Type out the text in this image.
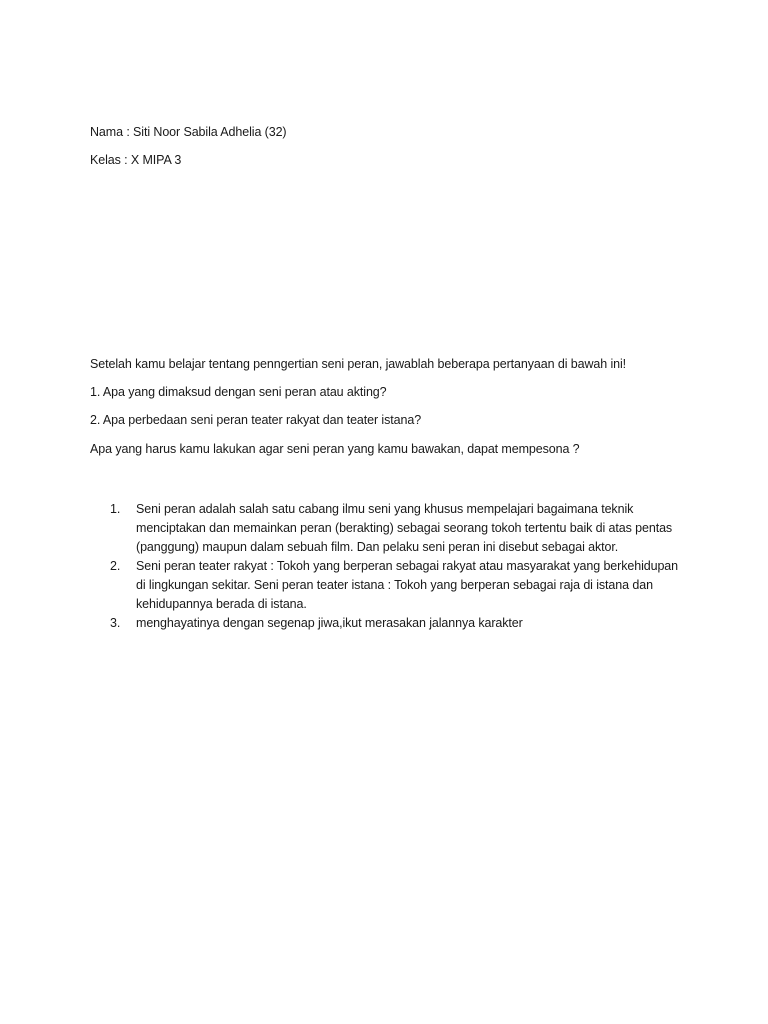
Nama : Siti Noor Sabila Adhelia (32)
Kelas : X MIPA 3
Setelah kamu belajar tentang penngertian seni peran, jawablah beberapa pertanyaan di bawah ini!
1. Apa yang dimaksud dengan seni peran atau akting?
2. Apa perbedaan seni peran teater rakyat dan teater istana?
Apa yang harus kamu lakukan agar seni peran yang kamu bawakan, dapat mempesona ?
1. Seni peran adalah salah satu cabang ilmu seni yang khusus mempelajari bagaimana teknik menciptakan dan memainkan peran (berakting) sebagai seorang tokoh tertentu baik di atas pentas (panggung) maupun dalam sebuah film. Dan pelaku seni peran ini disebut sebagai aktor.
2. Seni peran teater rakyat : Tokoh yang berperan sebagai rakyat atau masyarakat yang berkehidupan di lingkungan sekitar. Seni peran teater istana : Tokoh yang berperan sebagai raja di istana dan kehidupannya berada di istana.
3. menghayatinya dengan segenap jiwa,ikut merasakan jalannya karakter
